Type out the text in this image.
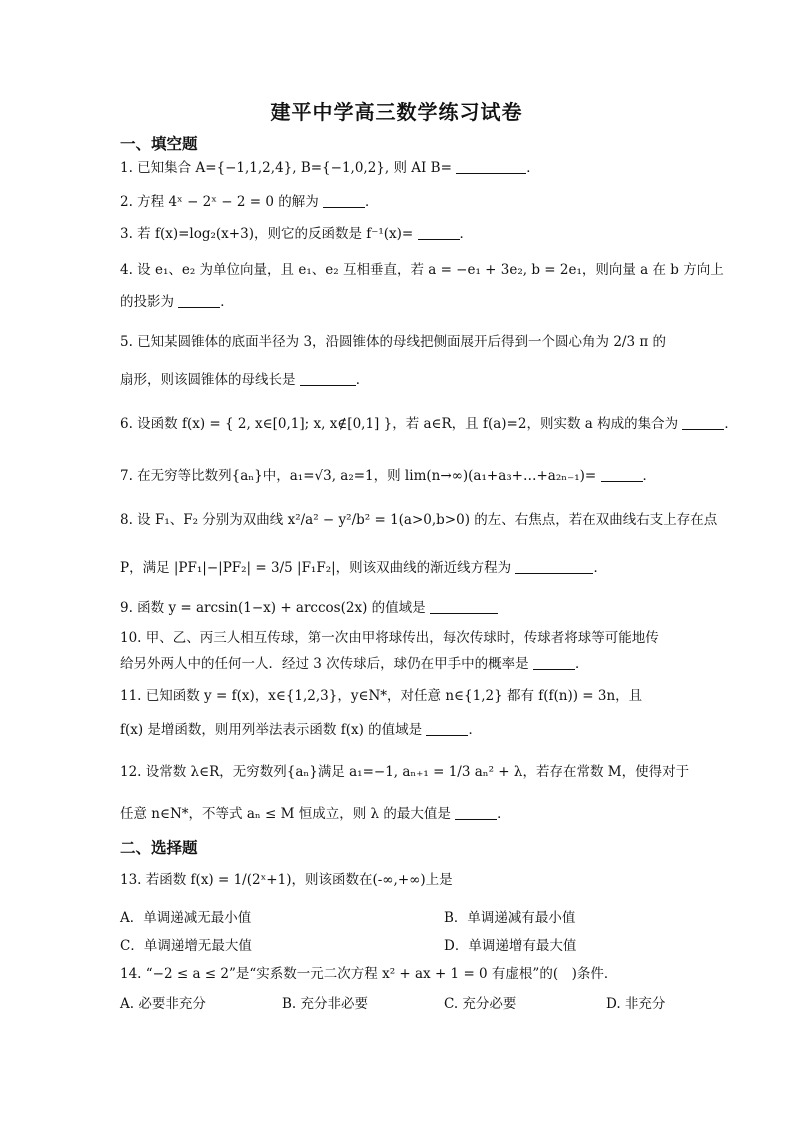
建平中学高三数学练习试卷
一、填空题
1. 已知集合 A={−1,1,2,4}, B={−1,0,2}, 则 AI B=	．
2. 方程 4ˣ − 2ˣ − 2 = 0 的解为	．
3. 若 f(x)=log₂(x+3)，则它的反函数是 f⁻¹(x)=	．
4. 设 e₁、e₂ 为单位向量，且 e₁、e₂ 互相垂直，若 a = −e₁ + 3e₂, b = 2e₁，则向量 a 在 b 方向上
的投影为	．
5. 已知某圆锥体的底面半径为 3，沿圆锥体的母线把侧面展开后得到一个圆心角为 2/3 π 的
扇形，则该圆锥体的母线长是	．
6. 设函数 f(x) = { 2, x∈[0,1]; x, x∉[0,1] }，若 a∈R，且 f(a)=2，则实数 a 构成的集合为	．
7. 在无穷等比数列{aₙ}中，a₁=√3, a₂=1，则 lim(n→∞)(a₁+a₃+…+a₂ₙ₋₁)=	．
8. 设 F₁、F₂ 分别为双曲线 x²/a² − y²/b² = 1(a>0,b>0) 的左、右焦点，若在双曲线右支上存在点
P，满足 |PF₁|−|PF₂| = 3/5 |F₁F₂|，则该双曲线的渐近线方程为	．
9. 函数 y = arcsin(1−x) + arccos(2x) 的值域是
10. 甲、乙、丙三人相互传球，第一次由甲将球传出，每次传球时，传球者将球等可能地传
给另外两人中的任何一人．经过 3 次传球后，球仍在甲手中的概率是	．
11. 已知函数 y = f(x)，x∈{1,2,3}，y∈N*，对任意 n∈{1,2} 都有 f(f(n)) = 3n，且
f(x) 是增函数，则用列举法表示函数 f(x) 的值域是	．
12. 设常数 λ∈R，无穷数列{aₙ}满足 a₁=−1, aₙ₊₁ = 1/3 aₙ² + λ，若存在常数 M，使得对于
任意 n∈N*，不等式 aₙ ≤ M 恒成立，则 λ 的最大值是	．
二、选择题
13. 若函数 f(x) = 1/(2ˣ+1)，则该函数在(-∞,+∞)上是
A．单调递减无最小值	B．单调递减有最小值
C．单调递增无最大值	D．单调递增有最大值
14. “−2 ≤ a ≤ 2”是“实系数一元二次方程 x² + ax + 1 = 0 有虚根”的(　)条件．
A. 必要非充分	B. 充分非必要	C. 充分必要	D. 非充分
